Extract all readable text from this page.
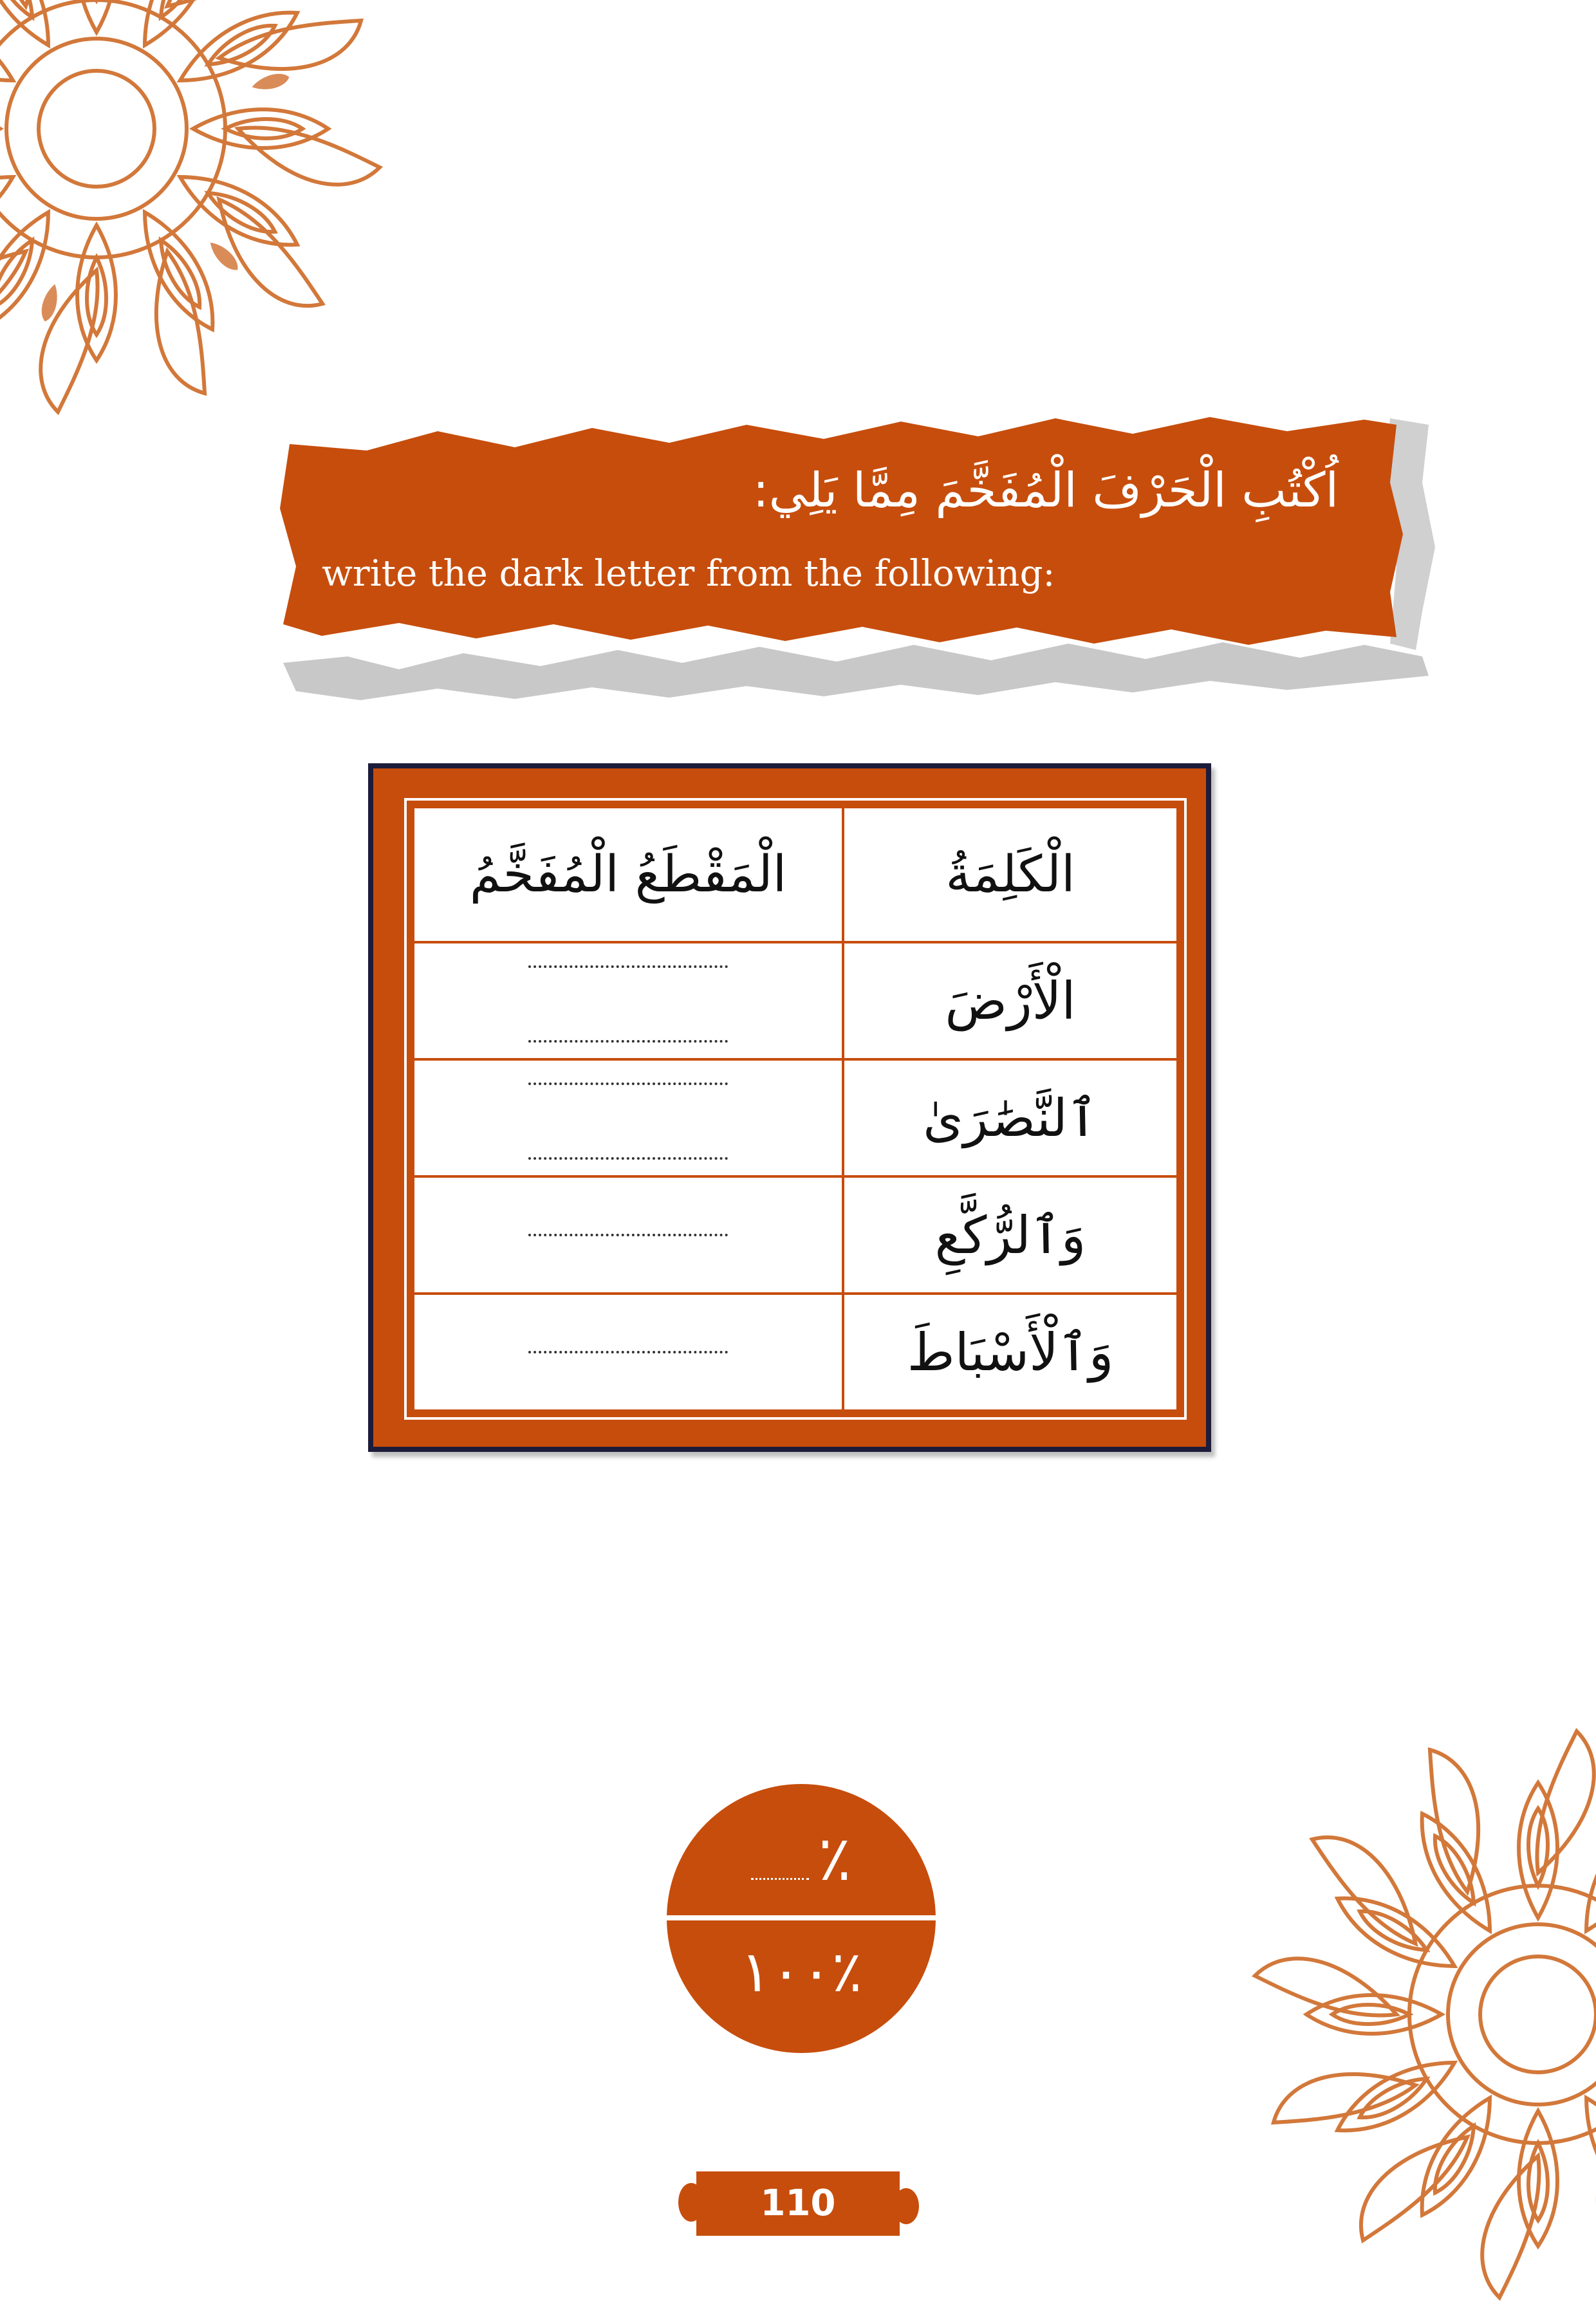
اُكْتُبِ الْحَرْفَ الْمُفَخَّمَ مِمَّا يَلِي:
write the dark letter from the following:
الْكَلِمَةُ	الْمَقْطَعُ الْمُفَخَّمُ
الْأَرْضَ	

ٱلنَّصَٰرَىٰ	

وَٱلرُّكَّعِ	

وَٱلْأَسْبَاطَ	
٪
٪١٠٠
110
